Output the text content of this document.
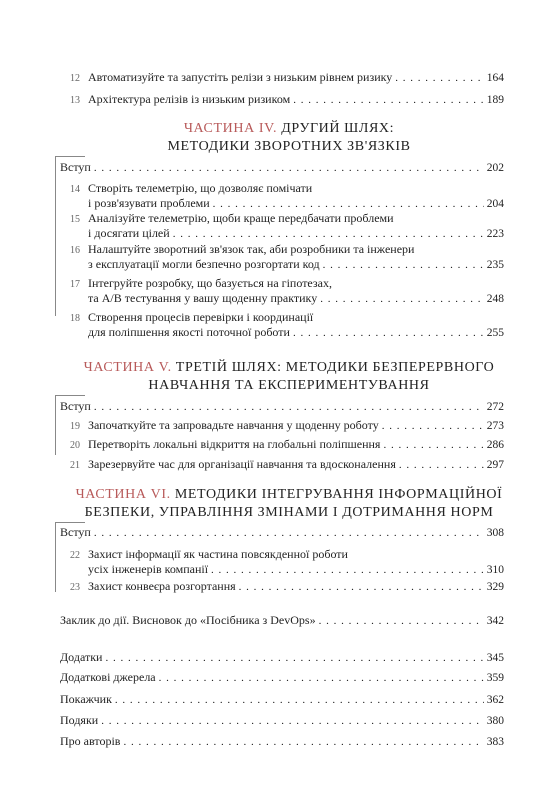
12 Автоматизуйте та запустіть релізи з низьким рівнем ризику . . .	164
13 Архітектура релізів із низьким ризиком . . .	189
ЧАСТИНА IV. ДРУГИЙ ШЛЯХ:
МЕТОДИКИ ЗВОРОТНИХ ЗВ'ЯЗКІВ
Вступ . . .	202
14 Створіть телеметрію, що дозволяє помічати
і розв'язувати проблеми . . .	204
15 Аналізуйте телеметрію, щоби краще передбачати проблеми
і досягати цілей . . .	223
16 Налаштуйте зворотний зв'язок так, аби розробники та інженери
з експлуатації могли безпечно розгортати код . . .	235
17 Інтегруйте розробку, що базується на гіпотезах,
та A/B тестування у вашу щоденну практику . . .	248
18 Створення процесів перевірки і координації
для поліпшення якості поточної роботи . . .	255
ЧАСТИНА V. ТРЕТІЙ ШЛЯХ: МЕТОДИКИ БЕЗПЕРЕРВНОГО
НАВЧАННЯ ТА ЕКСПЕРИМЕНТУВАННЯ
Вступ . . .	272
19 Започаткуйте та запровадьте навчання у щоденну роботу . . .	273
20 Перетворіть локальні відкриття на глобальні поліпшення . . .	286
21 Зарезервуйте час для організації навчання та вдосконалення . . .	297
ЧАСТИНА VI. МЕТОДИКИ ІНТЕГРУВАННЯ ІНФОРМАЦІЙНОЇ
БЕЗПЕКИ, УПРАВЛІННЯ ЗМІНАМИ І ДОТРИМАННЯ НОРМ
Вступ . . .	308
22 Захист інформації як частина повсякденної роботи
усіх інженерів компанії . . .	310
23 Захист конвеєра розгортання . . .	329
Заклик до дії. Висновок до «Посібника з DevOps» . . .	342
Додатки . . .	345
Додаткові джерела . . .	359
Покажчик . . .	362
Подяки . . .	380
Про авторів . . .	383
